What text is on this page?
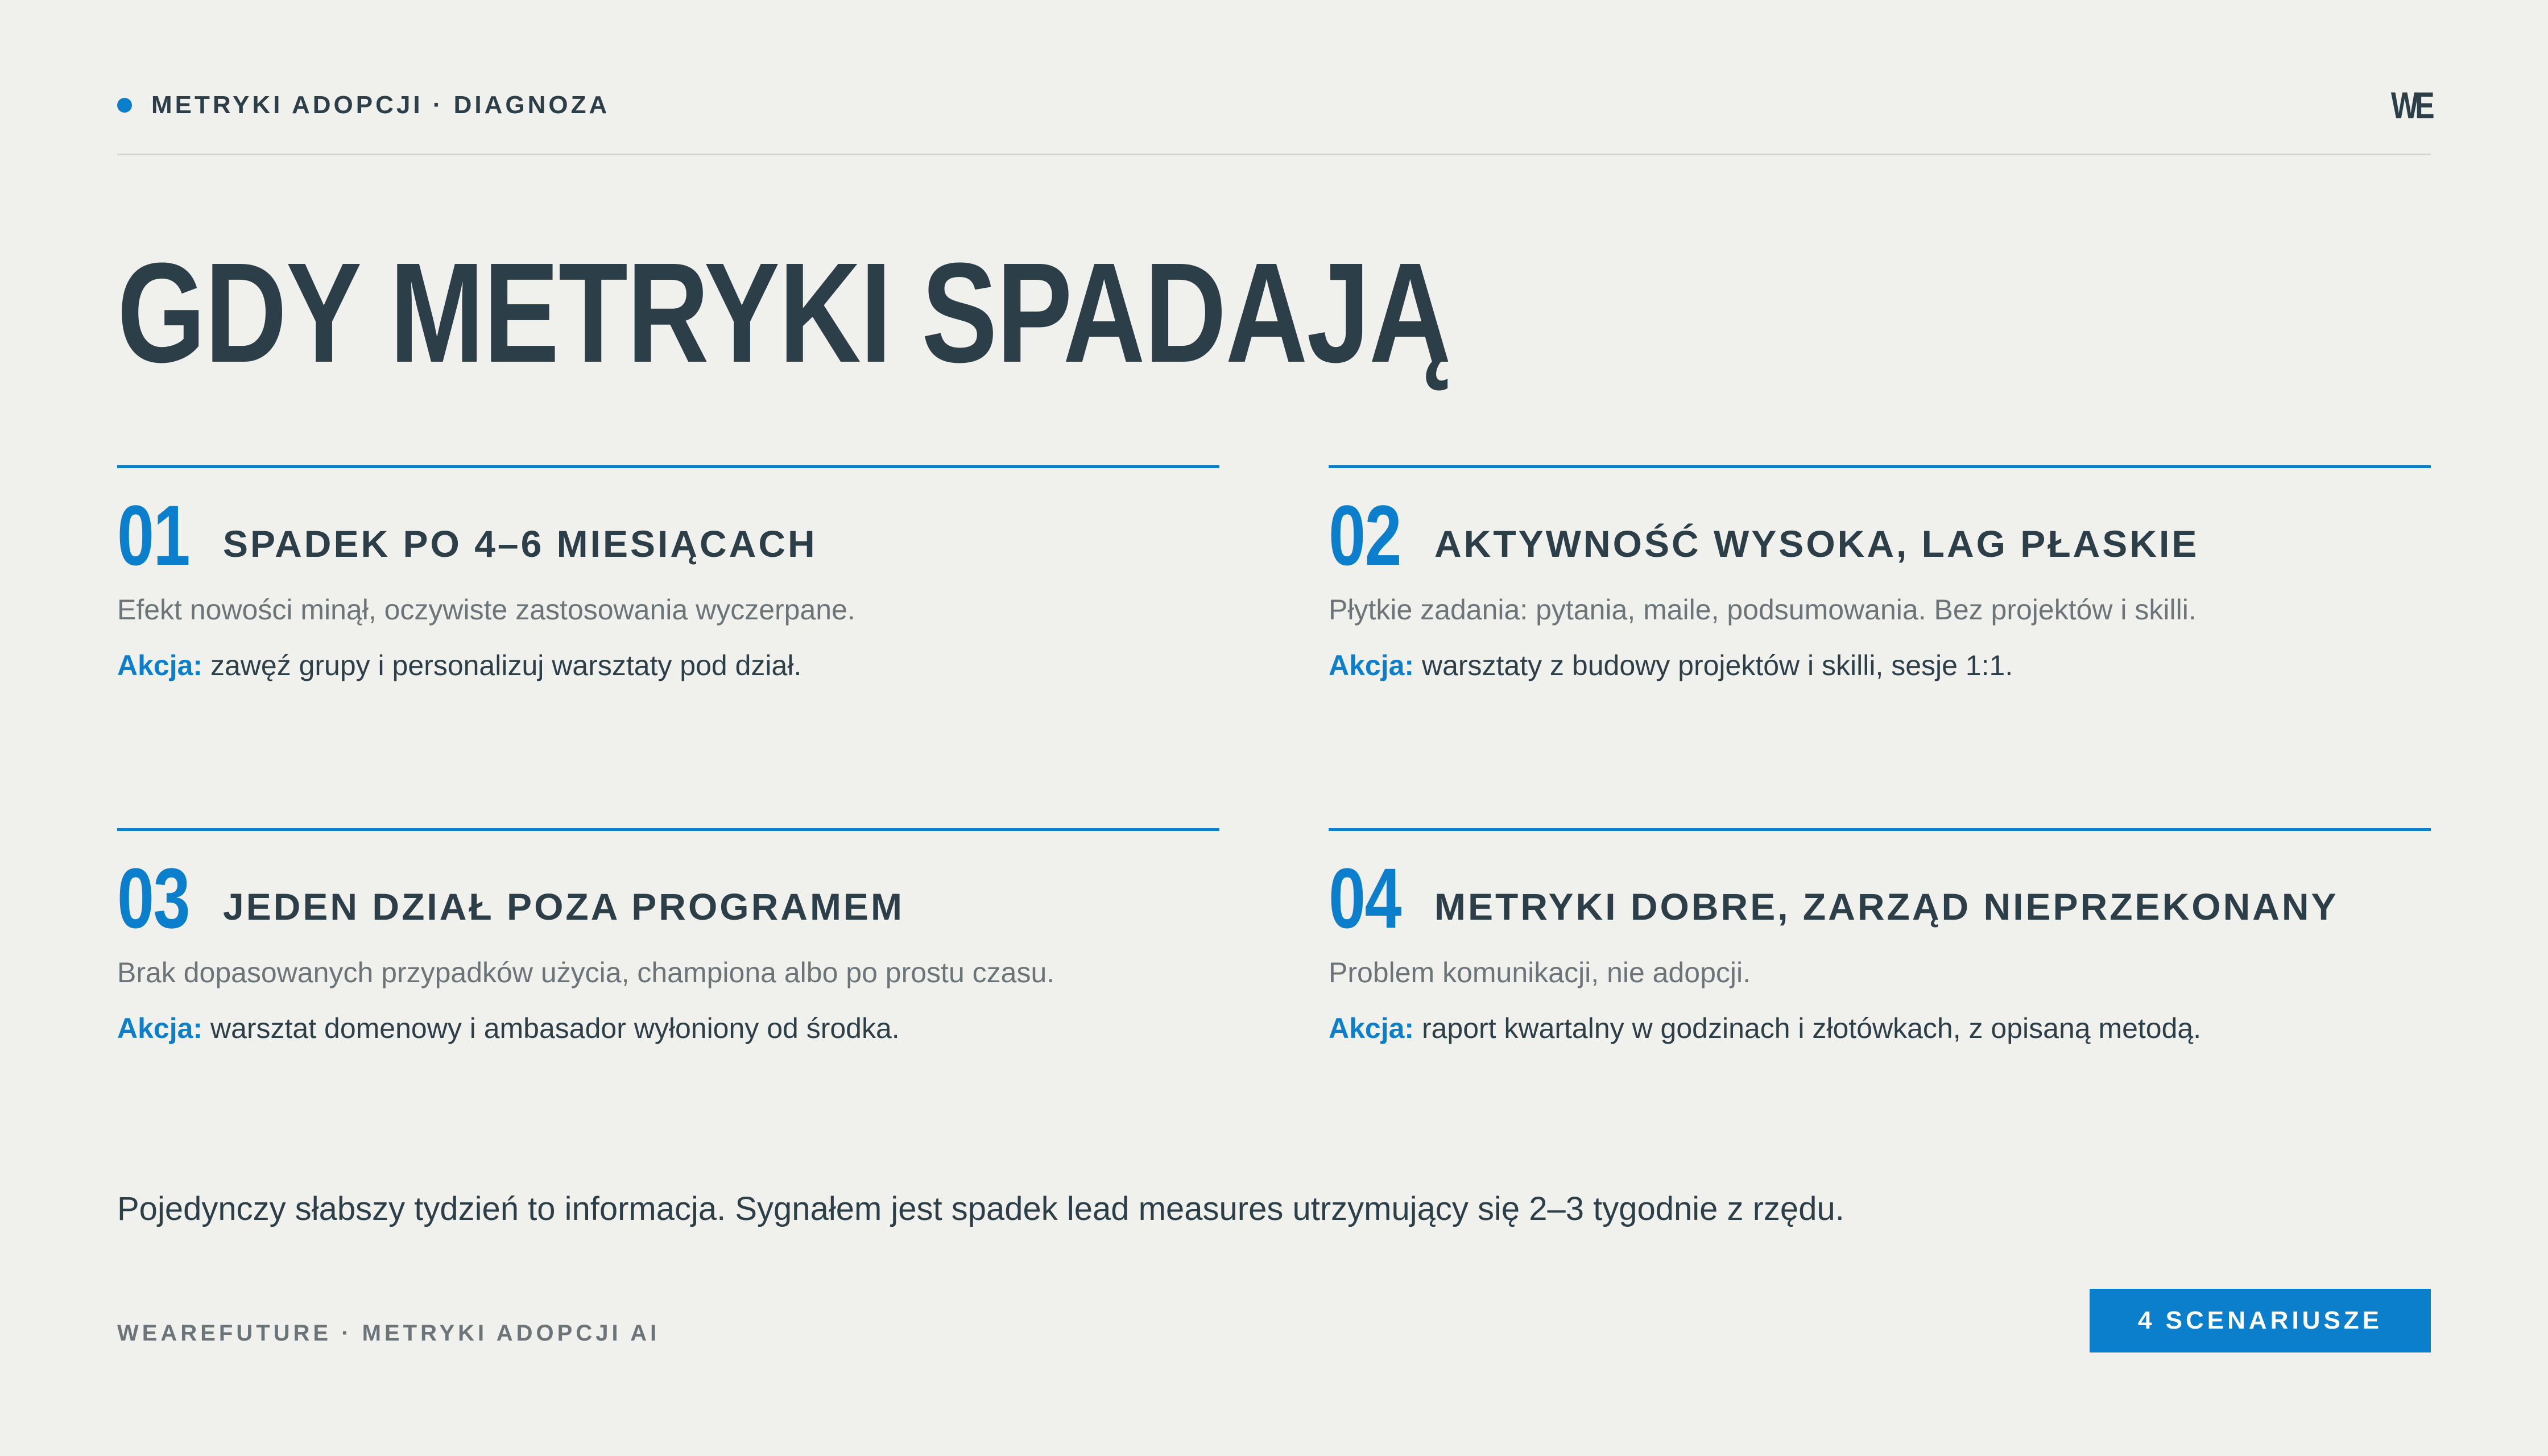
METRYKI ADOPCJI · DIAGNOZA	WE
GDY METRYKI SPADAJĄ
01 SPADEK PO 4–6 MIESIĄCACH
Efekt nowości minął, oczywiste zastosowania wyczerpane.
Akcja: zawęź grupy i personalizuj warsztaty pod dział.
02 AKTYWNOŚĆ WYSOKA, LAG PŁASKIE
Płytkie zadania: pytania, maile, podsumowania. Bez projektów i skilli.
Akcja: warsztaty z budowy projektów i skilli, sesje 1:1.
03 JEDEN DZIAŁ POZA PROGRAMEM
Brak dopasowanych przypadków użycia, championa albo po prostu czasu.
Akcja: warsztat domenowy i ambasador wyłoniony od środka.
04 METRYKI DOBRE, ZARZĄD NIEPRZEKONANY
Problem komunikacji, nie adopcji.
Akcja: raport kwartalny w godzinach i złotówkach, z opisaną metodą.
Pojedynczy słabszy tydzień to informacja. Sygnałem jest spadek lead measures utrzymujący się 2–3 tygodnie z rzędu.
WEAREFUTURE · METRYKI ADOPCJI AI	4 SCENARIUSZE
